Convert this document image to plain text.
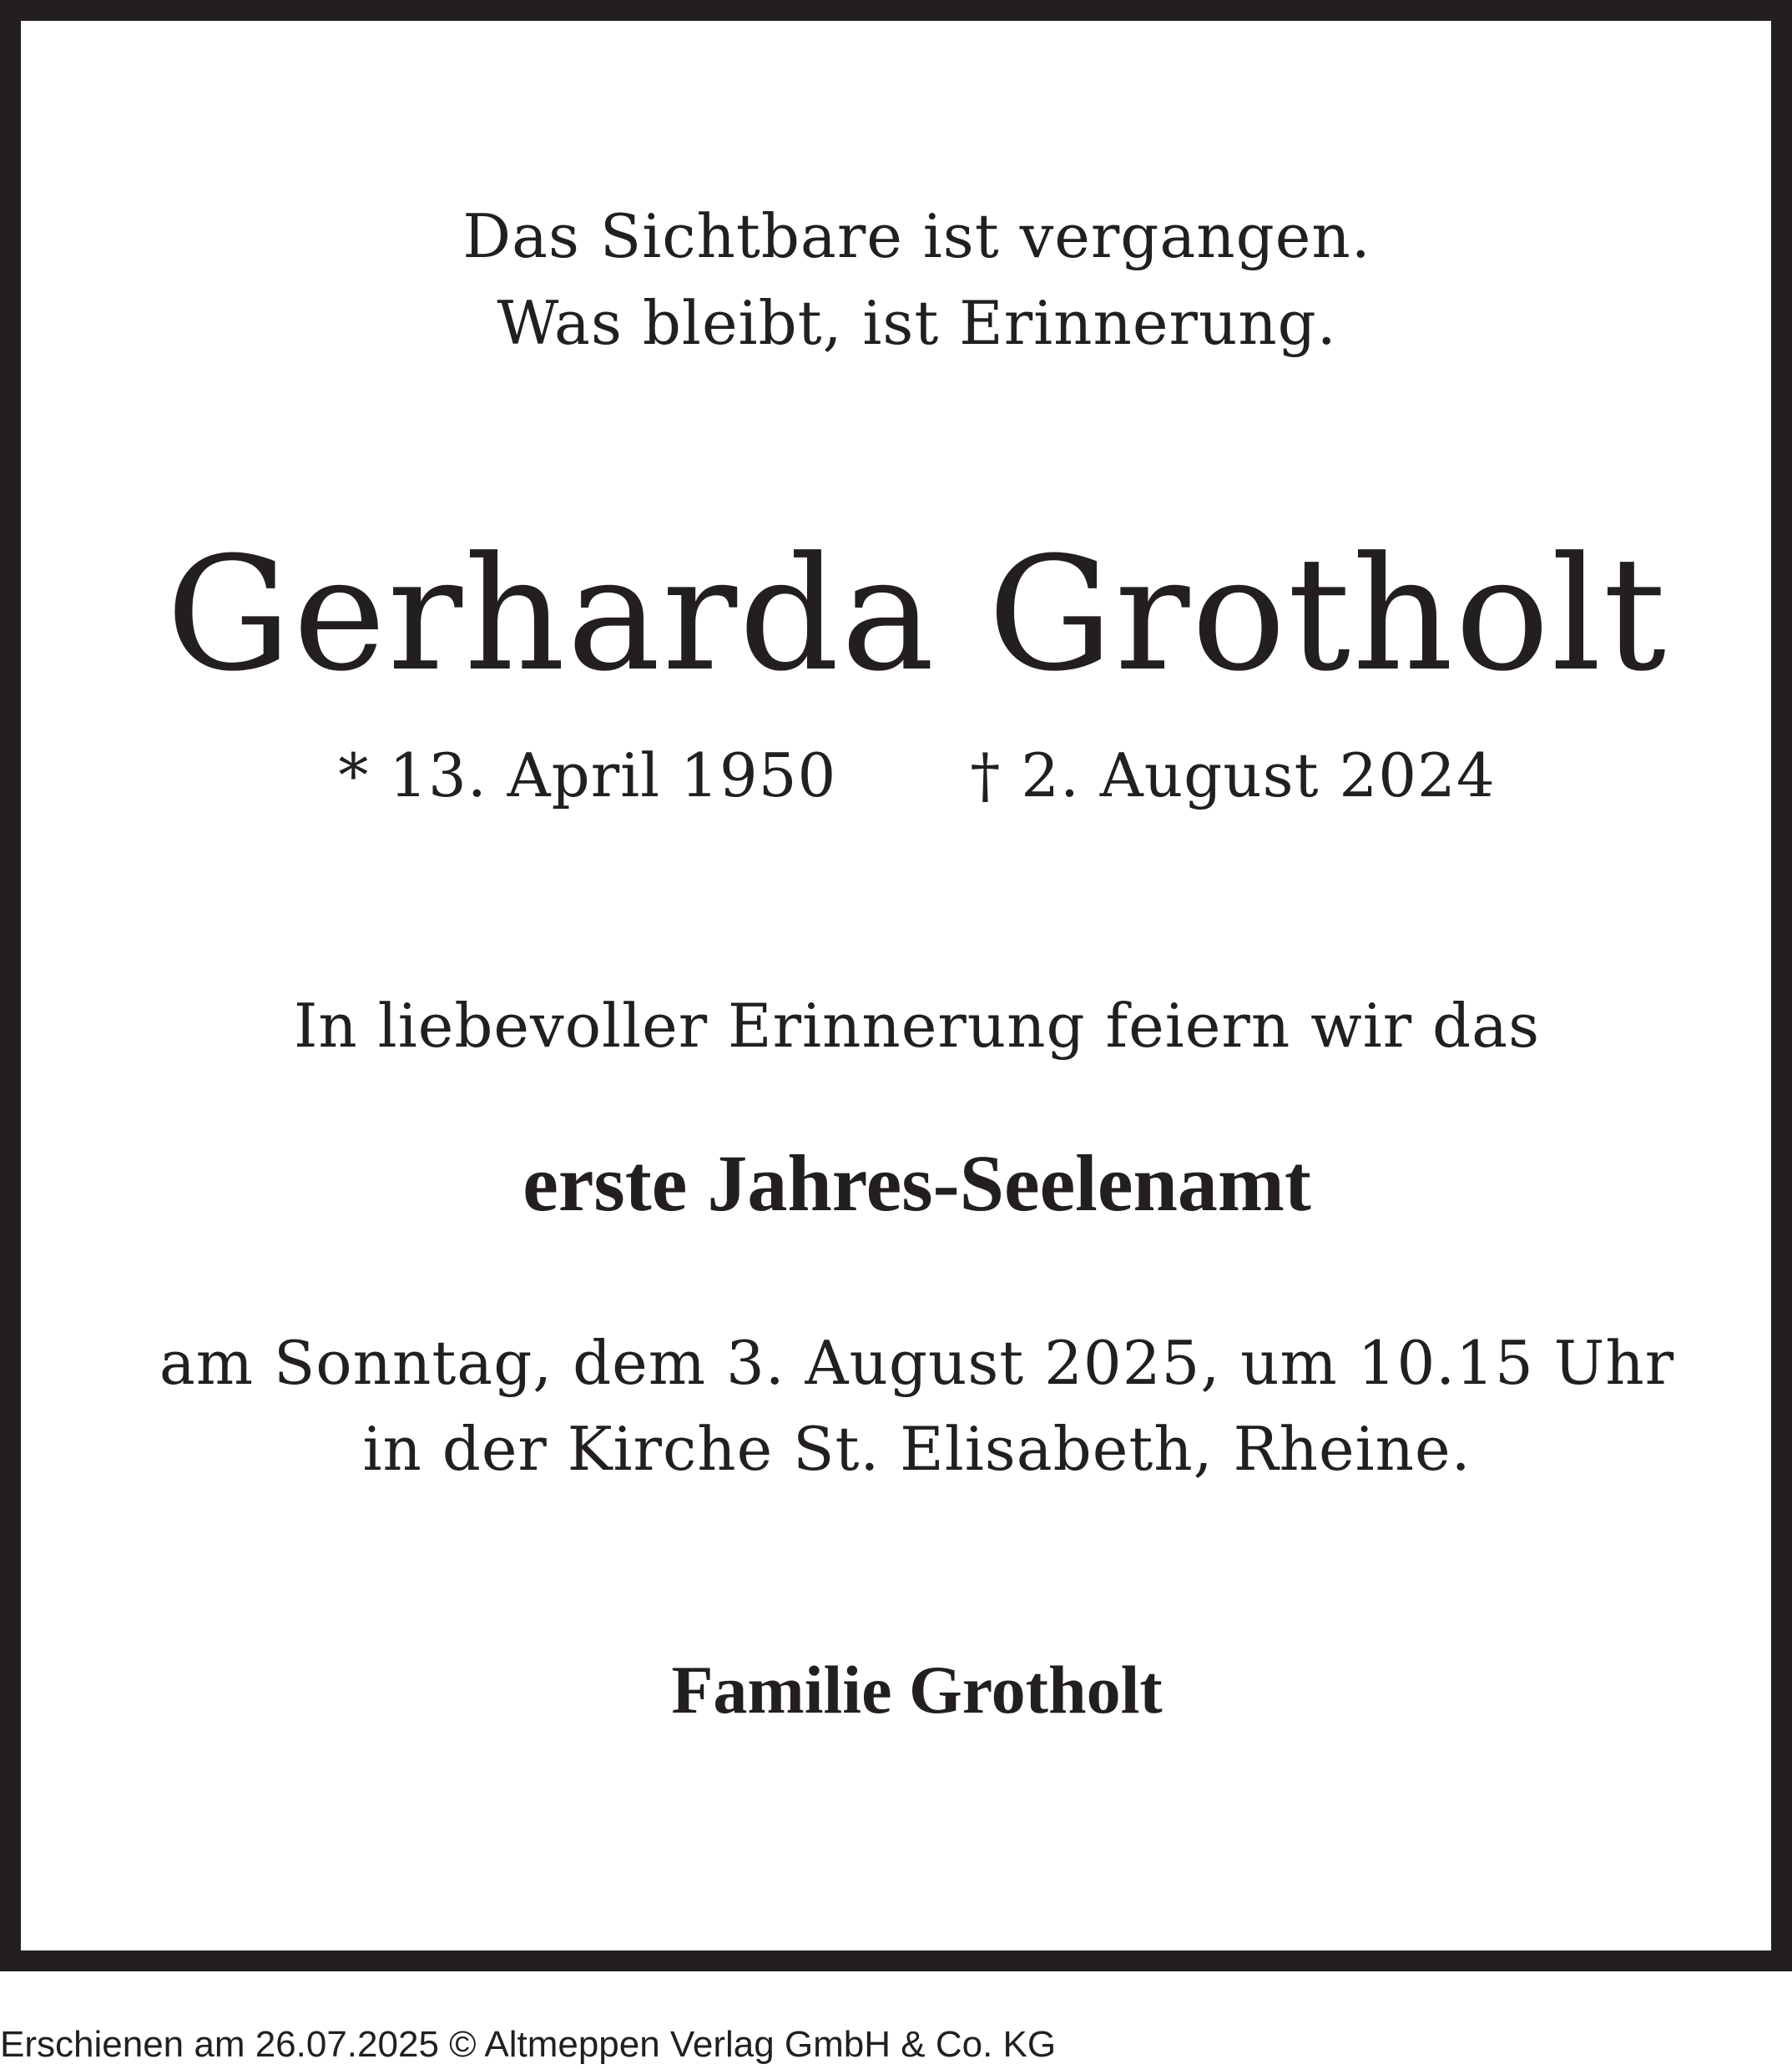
Das Sichtbare ist vergangen.
Was bleibt, ist Erinnerung.
Gerharda Grotholt
* 13. April 1950 † 2. August 2024
In liebevoller Erinnerung feiern wir das
erste Jahres-Seelenamt
am Sonntag, dem 3. August 2025, um 10.15 Uhr
in der Kirche St. Elisabeth, Rheine.
Familie Grotholt
Erschienen am 26.07.2025 © Altmeppen Verlag GmbH & Co. KG
